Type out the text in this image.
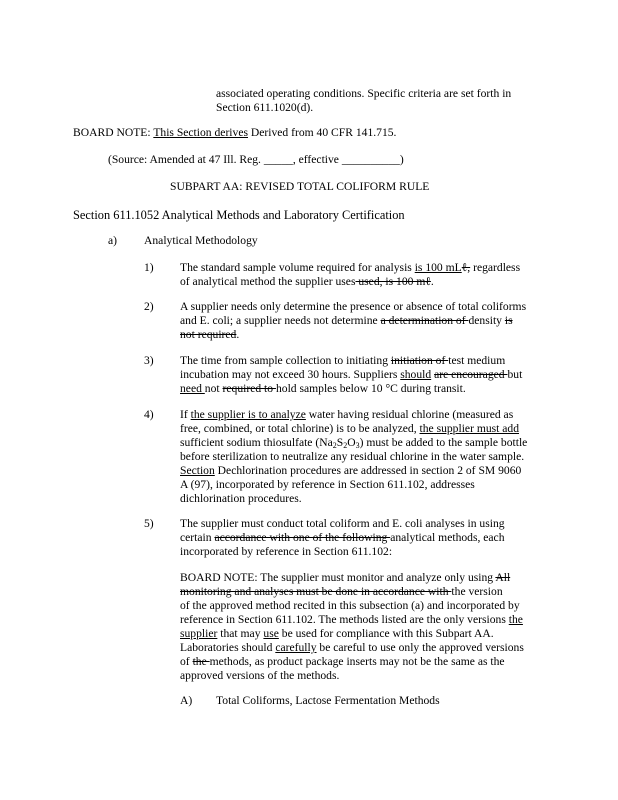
associated operating conditions. Specific criteria are set forth in

Section 611.1020(d).

BOARD NOTE: This Section derives Derived from 40 CFR 141.715.
(Source: Amended at 47 Ill. Reg. _____, effective __________)
SUBPART AA: REVISED TOTAL COLIFORM RULE
Section 611.1052 Analytical Methods and Laboratory Certification
a) Analytical Methodology
1) The standard sample volume required for analysis is 100 mLℓ, regardless

of analytical method the supplier uses used, is 100 mℓ.

2) A supplier needs only determine the presence or absence of total coliforms

and E. coli; a supplier needs not determine a determination of density is

not required.

3) The time from sample collection to initiating initiation of test medium

incubation may not exceed 30 hours. Suppliers should are encouraged but

need not required to hold samples below 10 °C during transit.

4) If the supplier is to analyze water having residual chlorine (measured as

free, combined, or total chlorine) is to be analyzed, the supplier must add

sufficient sodium thiosulfate $(Na_2S_2O_3)$ must be added to the sample bottle

before sterilization to neutralize any residual chlorine in the water sample.

Section Dechlorination procedures are addressed in section 2 of SM 9060

A (97), incorporated by reference in Section 611.102, addresses

dichlorination procedures.

5) The supplier must conduct total coliform and E. coli analyses in using

certain accordance with one of the following analytical methods, each

incorporated by reference in Section 611.102:

BOARD NOTE: The supplier must monitor and analyze only using All

monitoring and analyses must be done in accordance with the version

of the approved method recited in this subsection (a) and incorporated by

reference in Section 611.102. The methods listed are the only versions the

supplier that may use be used for compliance with this Subpart AA.

Laboratories should carefully be careful to use only the approved versions

of the methods, as product package inserts may not be the same as the

approved versions of the methods.

A) Total Coliforms, Lactose Fermentation Methods
